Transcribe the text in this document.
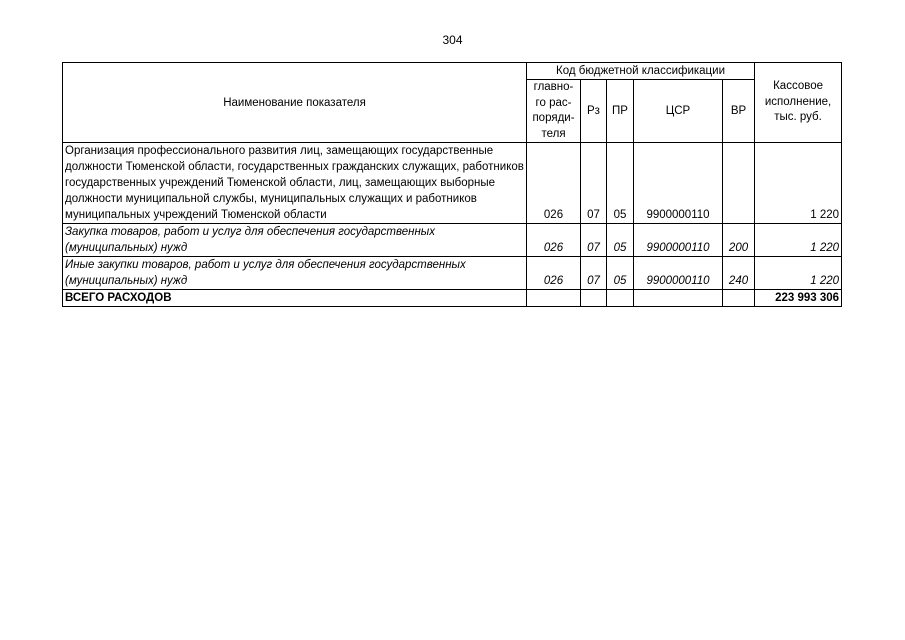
304
Наименование показателя	Код бюджетной классификации					Кассовое исполнение, тыс. руб.
	главно-го рас-поряди-теля	Рз	ПР	ЦСР	ВР	
Организация профессионального развития лиц, замещающих государственные должности Тюменской области, государственных гражданских служащих, работников государственных учреждений Тюменской области, лиц, замещающих выборные должности муниципальной службы, муниципальных служащих и работников муниципальных учреждений Тюменской области	026	07	05	9900000110		1 220
Закупка товаров, работ и услуг для обеспечения государственных (муниципальных) нужд	026	07	05	9900000110	200	1 220
Иные закупки товаров, работ и услуг для обеспечения государственных (муниципальных) нужд	026	07	05	9900000110	240	1 220
ВСЕГО РАСХОДОВ						223 993 306
